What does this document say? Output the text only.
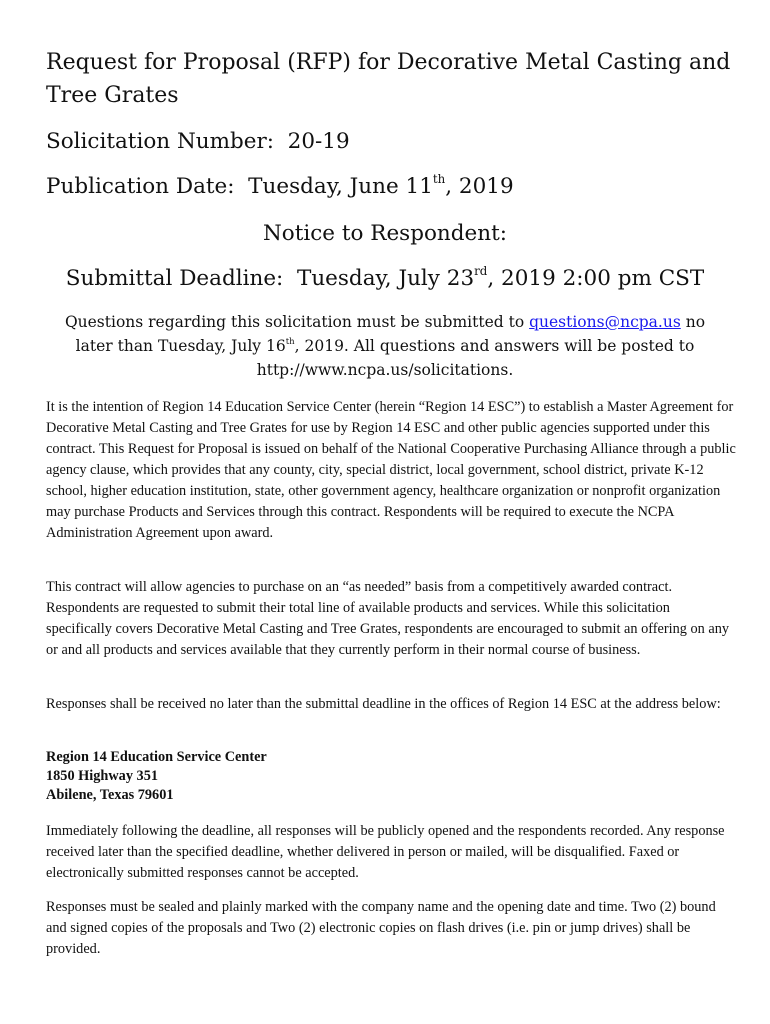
Request for Proposal (RFP) for Decorative Metal Casting and Tree Grates
Solicitation Number: 20-19
Publication Date: Tuesday, June 11th, 2019
Notice to Respondent:
Submittal Deadline: Tuesday, July 23rd, 2019 2:00 pm CST
Questions regarding this solicitation must be submitted to questions@ncpa.us no later than Tuesday, July 16th, 2019. All questions and answers will be posted to http://www.ncpa.us/solicitations.

It is the intention of Region 14 Education Service Center (herein “Region 14 ESC”) to establish a Master Agreement for Decorative Metal Casting and Tree Grates for use by Region 14 ESC and other public agencies supported under this contract. This Request for Proposal is issued on behalf of the National Cooperative Purchasing Alliance through a public agency clause, which provides that any county, city, special district, local government, school district, private K-12 school, higher education institution, state, other government agency, healthcare organization or nonprofit organization may purchase Products and Services through this contract. Respondents will be required to execute the NCPA Administration Agreement upon award.

This contract will allow agencies to purchase on an “as needed” basis from a competitively awarded contract. Respondents are requested to submit their total line of available products and services. While this solicitation specifically covers Decorative Metal Casting and Tree Grates, respondents are encouraged to submit an offering on any or and all products and services available that they currently perform in their normal course of business.

Responses shall be received no later than the submittal deadline in the offices of Region 14 ESC at the address below:

Region 14 Education Service Center
1850 Highway 351
Abilene, Texas 79601

Immediately following the deadline, all responses will be publicly opened and the respondents recorded. Any response received later than the specified deadline, whether delivered in person or mailed, will be disqualified. Faxed or electronically submitted responses cannot be accepted.

Responses must be sealed and plainly marked with the company name and the opening date and time. Two (2) bound and signed copies of the proposals and Two (2) electronic copies on flash drives (i.e. pin or jump drives) shall be provided.
